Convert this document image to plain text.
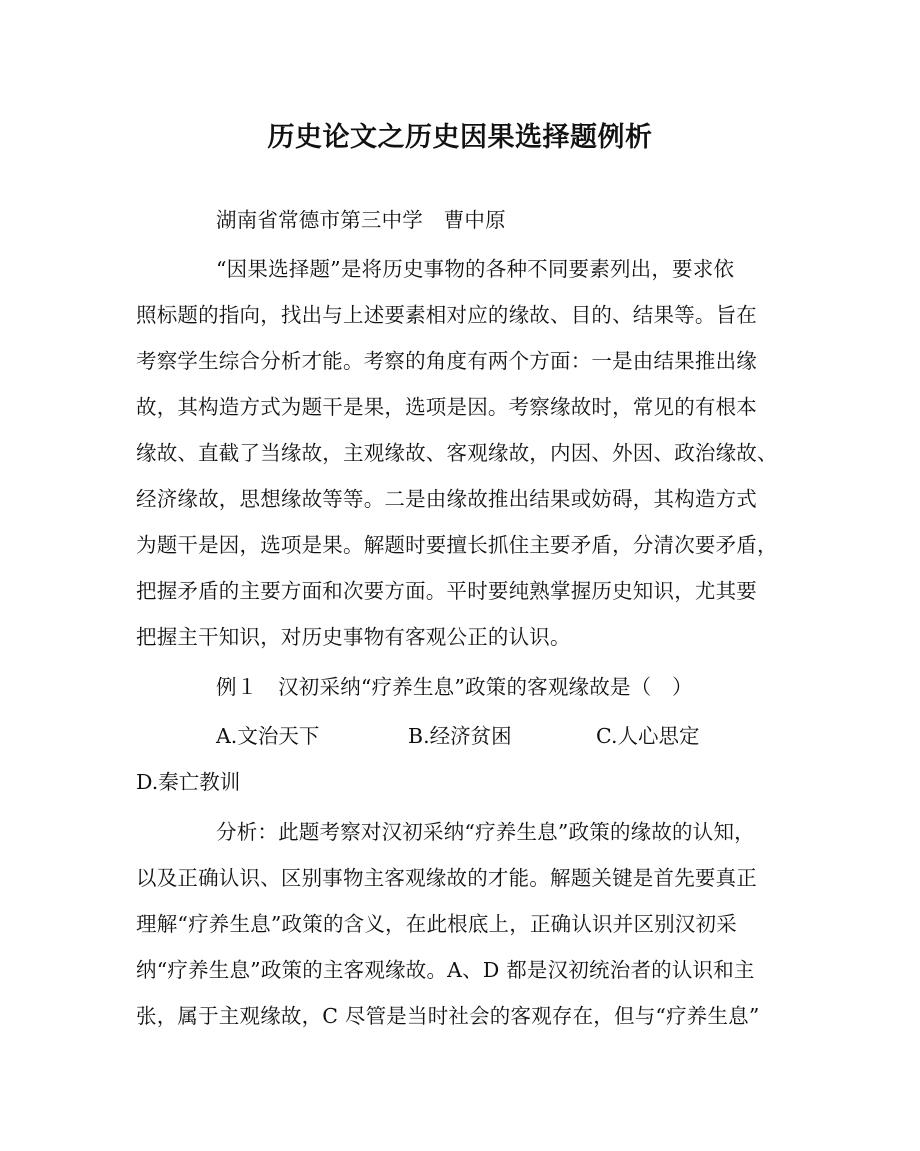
历史论文之历史因果选择题例析
湖南省常德市第三中学　曹中原
“因果选择题”是将历史事物的各种不同要素列出，要求依
照标题的指向，找出与上述要素相对应的缘故、目的、结果等。旨在
考察学生综合分析才能。考察的角度有两个方面：一是由结果推出缘
故，其构造方式为题干是果，选项是因。考察缘故时，常见的有根本
缘故、直截了当缘故，主观缘故、客观缘故，内因、外因、政治缘故、
经济缘故，思想缘故等等。二是由缘故推出结果或妨碍，其构造方式
为题干是因，选项是果。解题时要擅长抓住主要矛盾，分清次要矛盾，
把握矛盾的主要方面和次要方面。平时要纯熟掌握历史知识，尤其要
把握主干知识，对历史事物有客观公正的认识。
例１　汉初采纳“疗养生息”政策的客观缘故是（　）
A.文治天下	B.经济贫困	C.人心思定
D.秦亡教训
分析：此题考察对汉初采纳“疗养生息”政策的缘故的认知，
以及正确认识、区别事物主客观缘故的才能。解题关键是首先要真正
理解“疗养生息”政策的含义，在此根底上，正确认识并区别汉初采
纳“疗养生息”政策的主客观缘故。A、D 都是汉初统治者的认识和主
张，属于主观缘故，C 尽管是当时社会的客观存在，但与“疗养生息”
